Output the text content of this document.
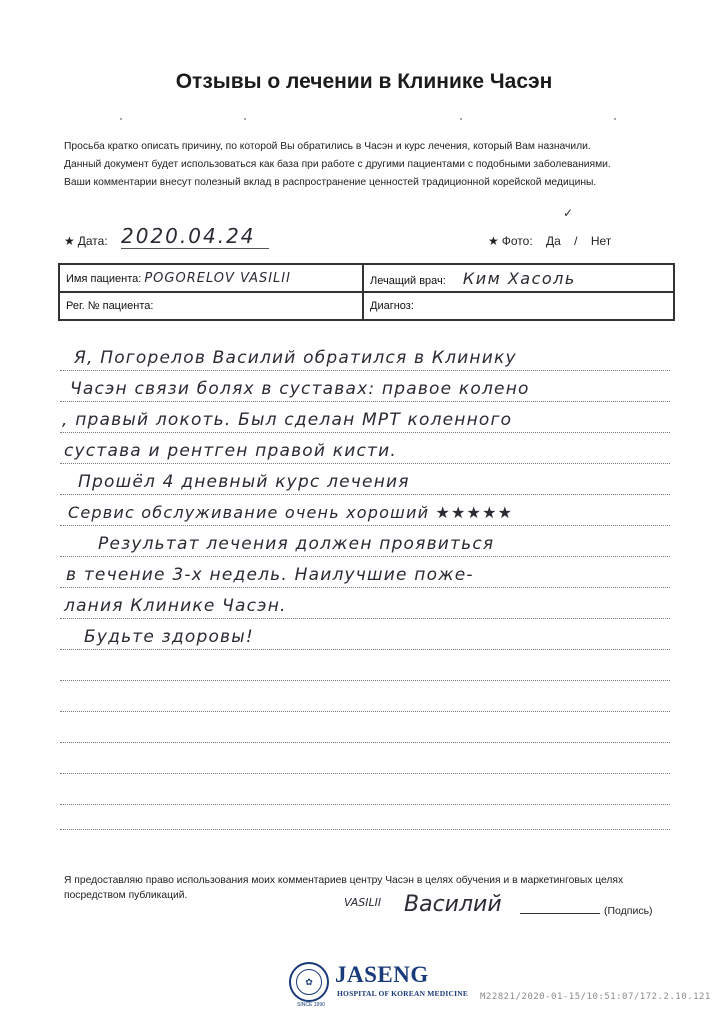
Отзывы о лечении в Клинике Часэн
Просьба кратко описать причину, по которой Вы обратились в Часэн и курс лечения, который Вам назначили.
Данный документ будет использоваться как база при работе с другими пациентами с подобными заболеваниями.
Ваши комментарии внесут полезный вклад в распространение ценностей традиционной корейской медицины.
★ Дата: 2020.04.24
✓
★ Фото: Да / Нет
Имя пациента: POGORELOV VASILII	Лечащий врач: Ким Хасоль
Рег. № пациента:	Диагноз:
Я, Погорелов Василий обратился в Клинику
Часэн связи болях в суставах: правое колено
, правый локоть. Был сделан МРТ коленного
сустава и рентген правой кисти.
Прошёл 4 дневный курс лечения
Сервис обслуживание очень хороший ★★★★★
Результат лечения должен проявиться
в течение 3-х недель. Наилучшие поже-
лания Клинике Часэн.
Будьте здоровы!
Я предоставляю право использования моих комментариев центру Часэн в целях обучения и в маркетинговых целях
посредством публикаций.
VASILII Василий	(Подпись)
✿
SINCE 1990
JASENG
HOSPITAL OF KOREAN MEDICINE M22821/2020-01-15/10:51:07/172.2.10.121
